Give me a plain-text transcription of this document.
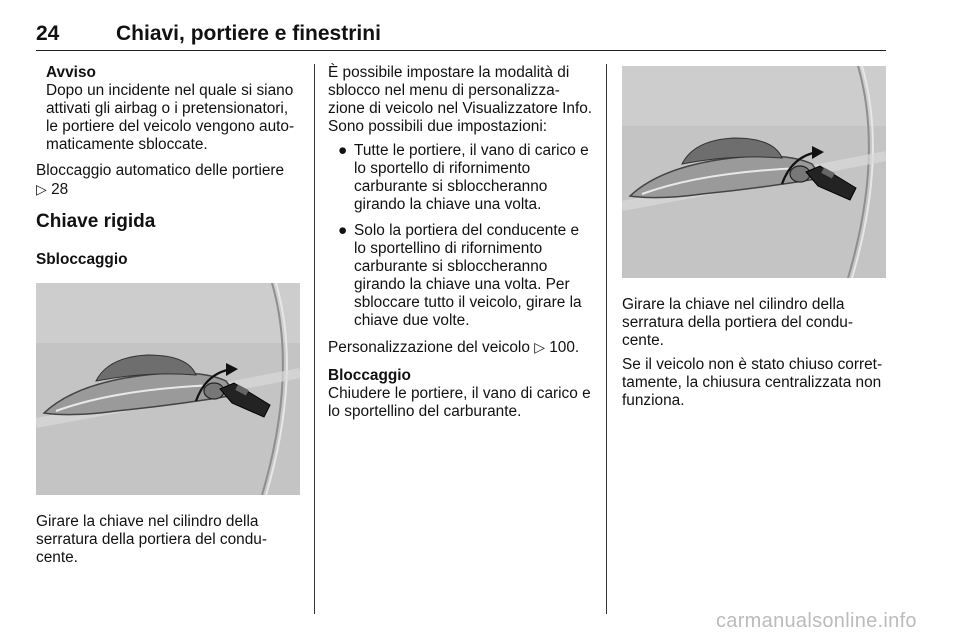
24	Chiavi, portiere e finestrini
Avviso
Dopo un incidente nel quale si siano attivati gli airbag o i pretensionatori, le portiere del veicolo vengono auto-maticamente sbloccate.

Bloccaggio automatico delle portiere
▷ 28

Chiave rigida
Sbloccaggio

Girare la chiave nel cilindro della serratura della portiera del condu-cente.

È possibile impostare la modalità di sblocco nel menu di personalizza-zione di veicolo nel Visualizzatore Info. Sono possibili due impostazioni:

● Tutte le portiere, il vano di carico e lo sportello di rifornimento carburante si sbloccheranno girando la chiave una volta.
● Solo la portiera del conducente e lo sportellino di rifornimento carburante si sbloccheranno girando la chiave una volta. Per sbloccare tutto il veicolo, girare la chiave due volte.

Personalizzazione del veicolo ▷ 100.

Bloccaggio

Chiudere le portiere, il vano di carico e lo sportellino del carburante.

Girare la chiave nel cilindro della serratura della portiera del condu-cente.

Se il veicolo non è stato chiuso corret-tamente, la chiusura centralizzata non funziona.

carmanualsonline.info
